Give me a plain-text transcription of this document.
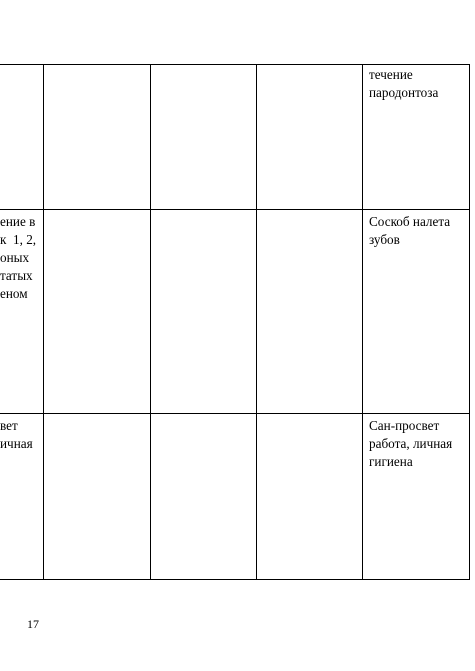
течение

пародонтоза

ение в

к  1, 2,

оных

татых

еном

Соскоб налета

зубов

вет

ичная

Сан-просвет

работа, личная

гигиена

17
